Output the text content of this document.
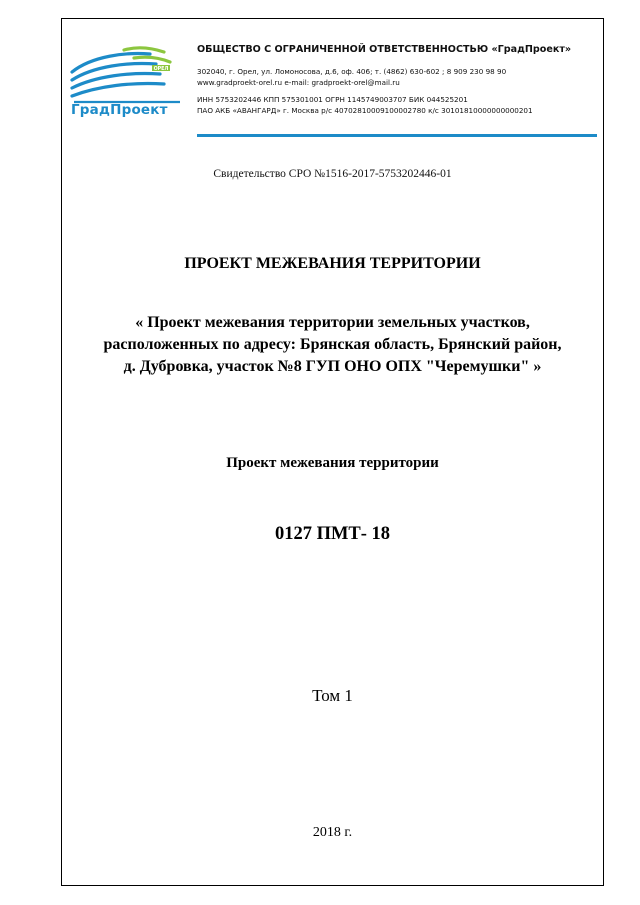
ОРЕЛ
ГрадПроект
ОБЩЕСТВО С ОГРАНИЧЕННОЙ ОТВЕТСТВЕННОСТЬЮ «ГрадПроект»
302040, г. Орел, ул. Ломоносова, д.6, оф. 406; т. (4862) 630-602 ; 8 909 230 98 90
www.gradproekt-orel.ru e-mail: gradproekt-orel@mail.ru
ИНН 5753202446 КПП 575301001 ОГРН 1145749003707 БИК 044525201
ПАО АКБ «АВАНГАРД» г. Москва р/с 40702810009100002780 к/с 30101810000000000201
Свидетельство СРО №1516-2017-5753202446-01
ПРОЕКТ МЕЖЕВАНИЯ ТЕРРИТОРИИ
« Проект межевания территории земельных участков,
расположенных по адресу: Брянская область, Брянский район,
д. Дубровка, участок №8 ГУП ОНО ОПХ "Черемушки" »
Проект межевания территории
0127 ПМТ- 18
Том 1
2018 г.
